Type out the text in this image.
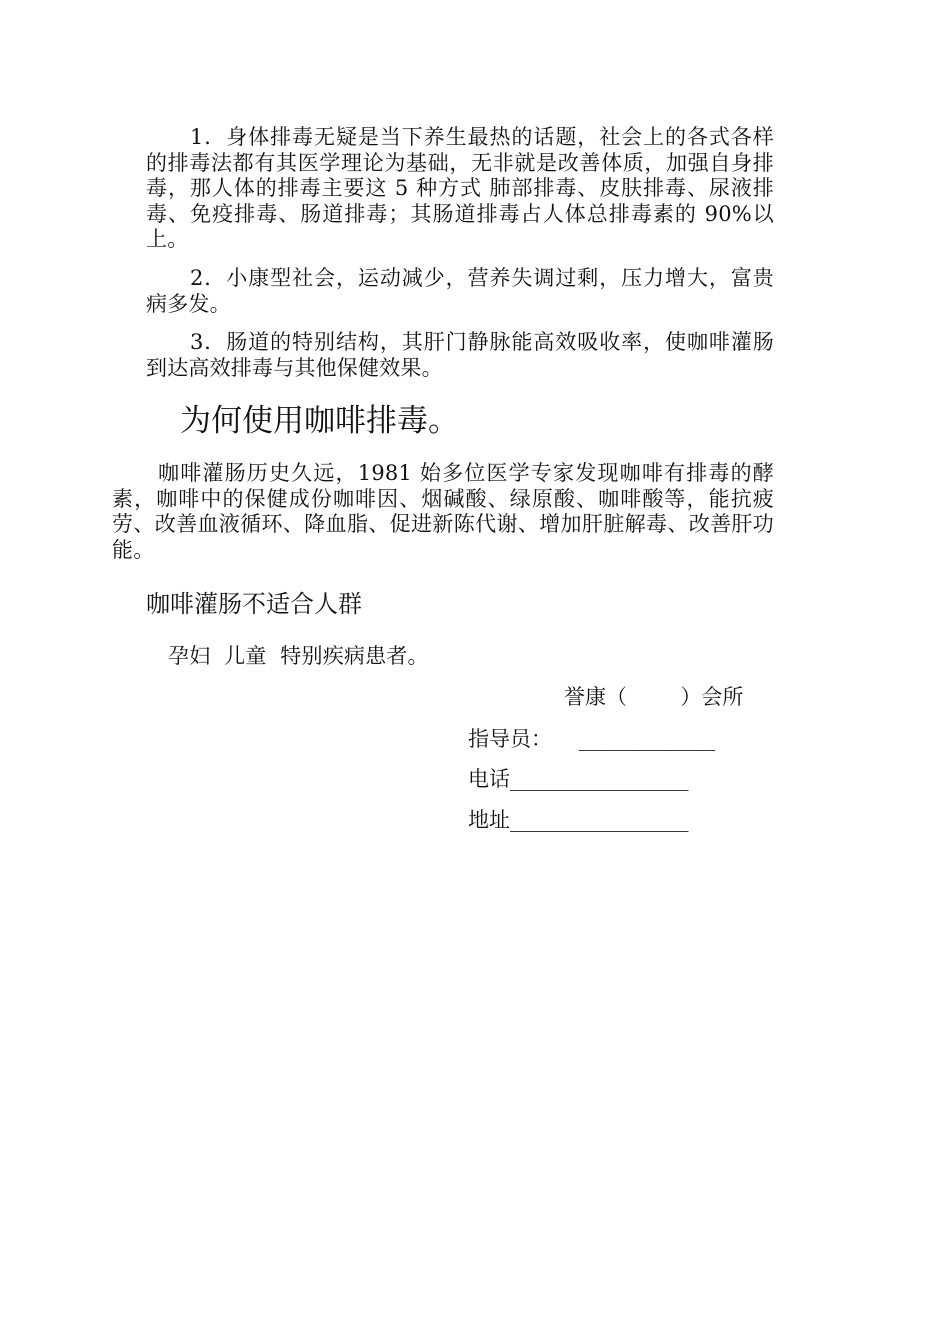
1．身体排毒无疑是当下养生最热的话题，社会上的各式各样的排毒法都有其医学理论为基础，无非就是改善体质，加强自身排毒，那人体的排毒主要这 5 种方式 肺部排毒、皮肤排毒、尿液排毒、免疫排毒、肠道排毒；其肠道排毒占人体总排毒素的 90%以上。

2．小康型社会，运动减少，营养失调过剩，压力增大，富贵病多发。

3．肠道的特别结构，其肝门静脉能高效吸收率，使咖啡灌肠到达高效排毒与其他保健效果。

为何使用咖啡排毒。

咖啡灌肠历史久远，1981 始多位医学专家发现咖啡有排毒的酵素，咖啡中的保健成份咖啡因、烟碱酸、绿原酸、咖啡酸等，能抗疲劳、改善血液循环、降血脂、促进新陈代谢、增加肝脏解毒、改善肝功能。

咖啡灌肠不适合人群

孕妇  儿童  特别疾病患者。

誉康（        ）会所
指导员：    _____________
电话_________________
地址_________________
